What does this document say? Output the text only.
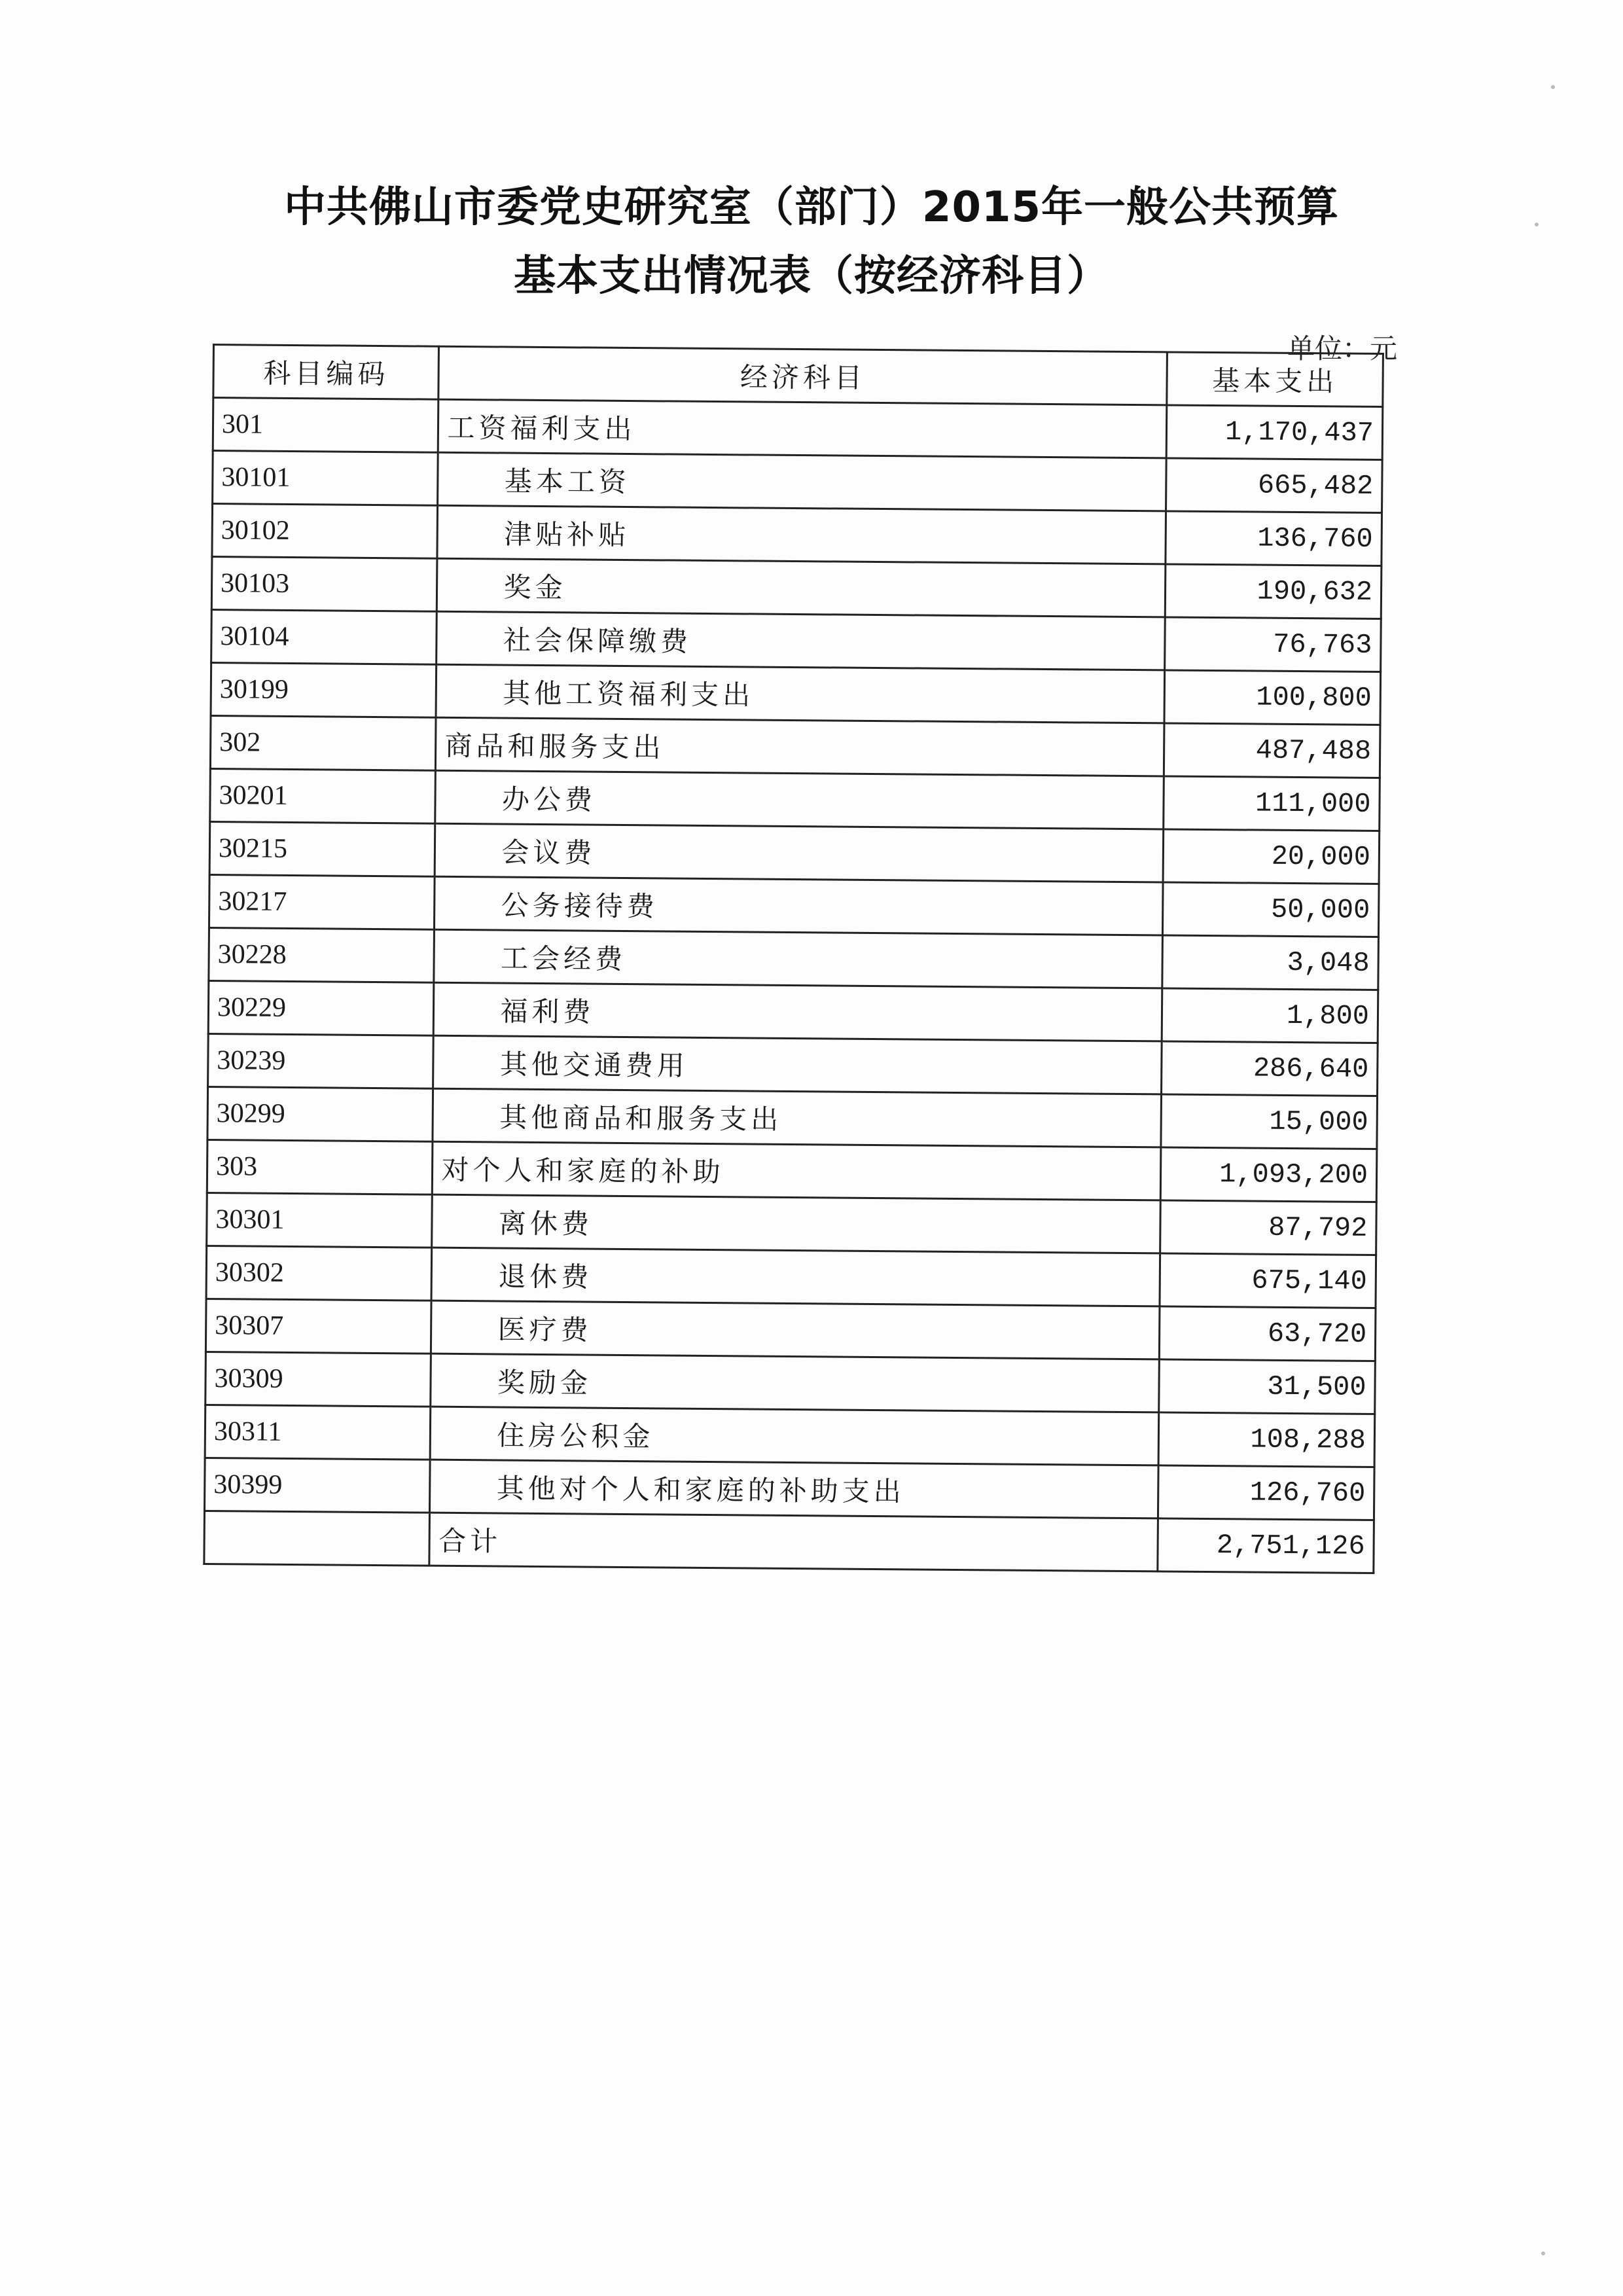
中共佛山市委党史研究室（部门）2015年一般公共预算
基本支出情况表（按经济科目）
单位：元
科目编码	经济科目	基本支出
301	工资福利支出	1,170,437
30101	基本工资	665,482
30102	津贴补贴	136,760
30103	奖金	190,632
30104	社会保障缴费	76,763
30199	其他工资福利支出	100,800
302	商品和服务支出	487,488
30201	办公费	111,000
30215	会议费	20,000
30217	公务接待费	50,000
30228	工会经费	3,048
30229	福利费	1,800
30239	其他交通费用	286,640
30299	其他商品和服务支出	15,000
303	对个人和家庭的补助	1,093,200
30301	离休费	87,792
30302	退休费	675,140
30307	医疗费	63,720
30309	奖励金	31,500
30311	住房公积金	108,288
30399	其他对个人和家庭的补助支出	126,760
	合计	2,751,126
